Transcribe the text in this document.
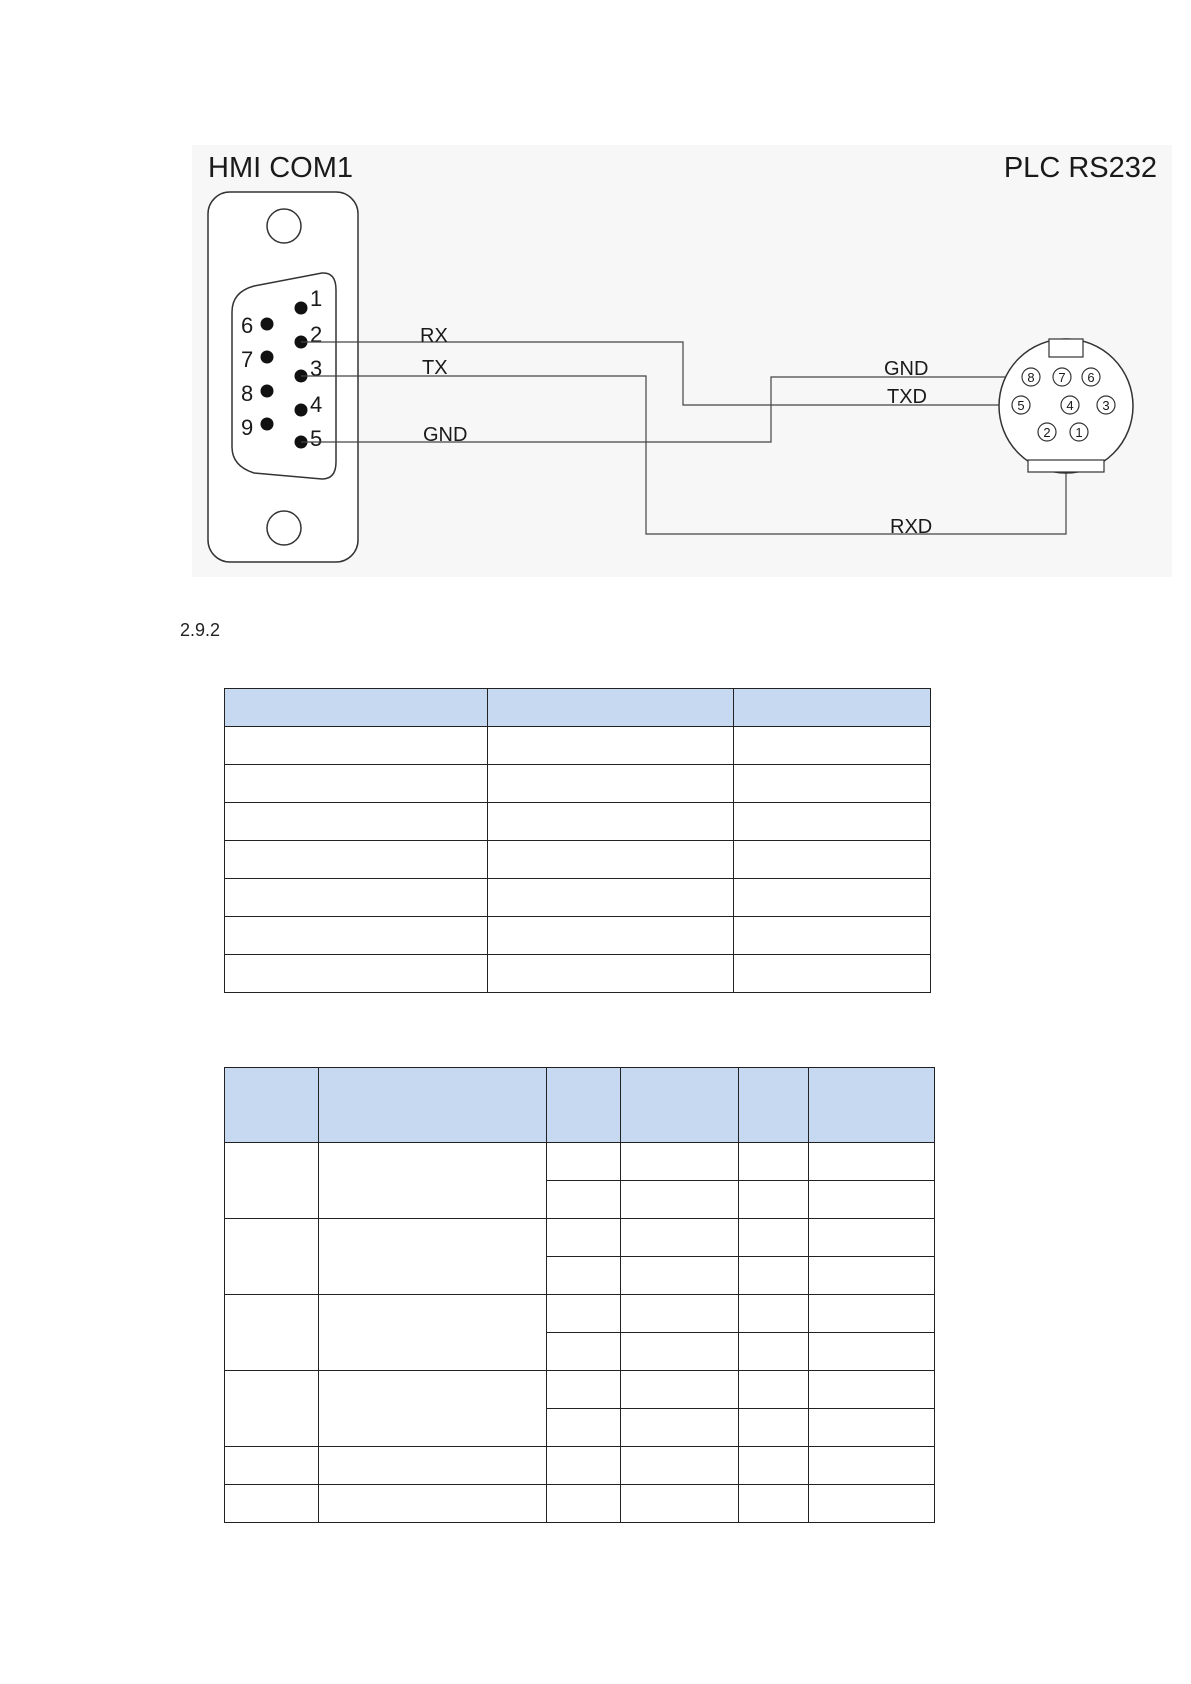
HMI COM1	PLC RS232
1
2
3
4
5
6
7
8
9
RX
TX
GND
GND
TXD
RXD
8 7 6
5	4 3
2 1
2.9.2
